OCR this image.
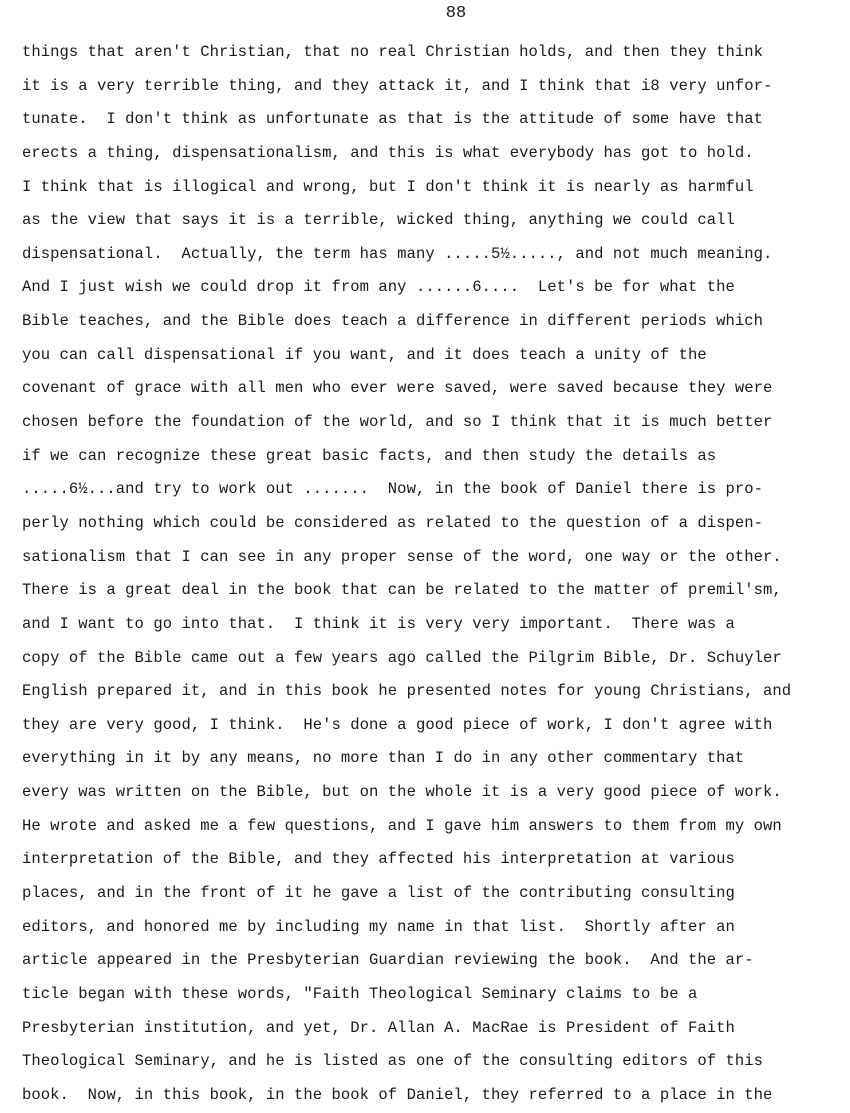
88
things that aren't Christian, that no real Christian holds, and then they think
it is a very terrible thing, and they attack it, and I think that i8 very unfor-
tunate.  I don't think as unfortunate as that is the attitude of some have that
erects a thing, dispensationalism, and this is what everybody has got to hold.
I think that is illogical and wrong, but I don't think it is nearly as harmful
as the view that says it is a terrible, wicked thing, anything we could call
dispensational.  Actually, the term has many .....5½....., and not much meaning.
And I just wish we could drop it from any ......6....  Let's be for what the
Bible teaches, and the Bible does teach a difference in different periods which
you can call dispensational if you want, and it does teach a unity of the
covenant of grace with all men who ever were saved, were saved because they were
chosen before the foundation of the world, and so I think that it is much better
if we can recognize these great basic facts, and then study the details as
.....6½...and try to work out .......  Now, in the book of Daniel there is pro-
perly nothing which could be considered as related to the question of a dispen-
sationalism that I can see in any proper sense of the word, one way or the other.
There is a great deal in the book that can be related to the matter of premil'sm,
and I want to go into that.  I think it is very very important.  There was a
copy of the Bible came out a few years ago called the Pilgrim Bible, Dr. Schuyler
English prepared it, and in this book he presented notes for young Christians, and
they are very good, I think.  He's done a good piece of work, I don't agree with
everything in it by any means, no more than I do in any other commentary that
every was written on the Bible, but on the whole it is a very good piece of work.
He wrote and asked me a few questions, and I gave him answers to them from my own
interpretation of the Bible, and they affected his interpretation at various
places, and in the front of it he gave a list of the contributing consulting
editors, and honored me by including my name in that list.  Shortly after an
article appeared in the Presbyterian Guardian reviewing the book.  And the ar-
ticle began with these words, "Faith Theological Seminary claims to be a
Presbyterian institution, and yet, Dr. Allan A. MacRae is President of Faith
Theological Seminary, and he is listed as one of the consulting editors of this
book.  Now, in this book, in the book of Daniel, they referred to a place in the
